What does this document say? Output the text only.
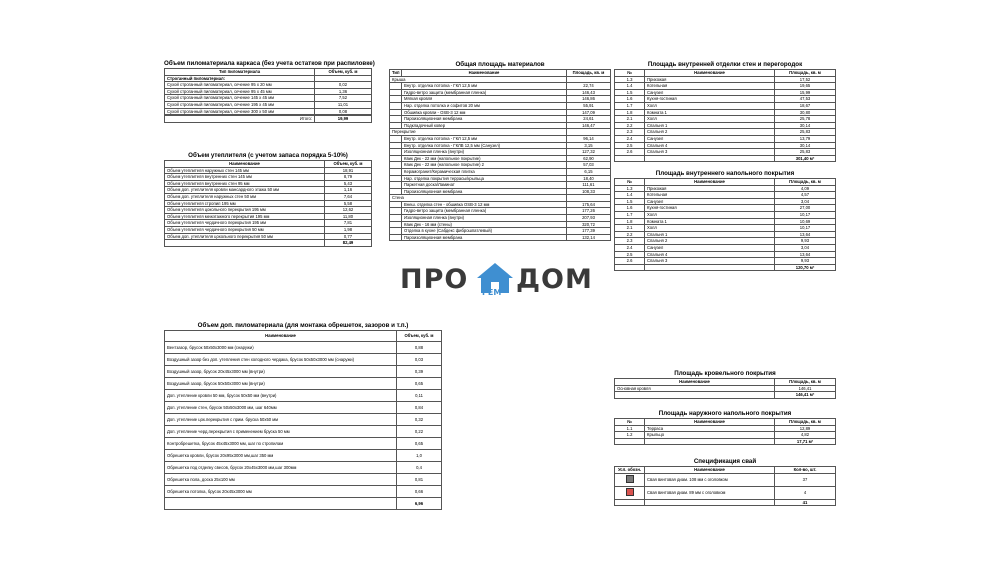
Объем пиломатериала каркаса (без учета остатков при распиловке)
Тип пиломатериала	Объем, куб. м
Строганный пиломатериал:	
Сухой строганный пиломатериал, сечение 95 х 20 мм	0,02
Сухой строганный пиломатериал, сечение 95 х 45 мм	1,36
Сухой строганный пиломатериал, сечение 145 х 45 мм	7,52
Сухой строганный пиломатериал, сечение 195 х 45 мм	11,01
Сухой строганный пиломатериал, сечение 300 х 50 мм	0,08

Итого:	19,99
Объем утеплителя (с учетом запаса порядка 5-10%)
Наименование	Объем, куб. м
Объем утеплителя наружных стен 145 мм	18,91
Объем утеплителя внутренних стен 145 мм	8,79
Объем утеплителя внутренних стен 95 мм	5,43
Объем доп. утеплителя кровли мансардного этажа 50 мм	1,16
Объем доп. утеплителя наружных стен 50 мм	7,64
Объем утеплителя стропил 195 мм	5,58
Объем утеплителя цокольного перекрытия 195 мм	12,62
Объем утеплителя межэтажного перекрытия 195 мм	11,80
Объем утеплителя чердачного перекрытия 195 мм	7,81
Объем утеплителя чердачного перекрытия 50 мм	1,98
Объем доп. утеплителя цокольного перекрытия 50 мм	0,77
	82,49
Общая площадь материалов
Тип	Наименование	Площадь, кв. м
Крыша		
	Внутр. отделка потолка - ГКЛ 12,5 мм	22,74
	Гидро-ветро защита (мембранная пленка)	146,43
	Мягкая кровля	146,86
	Нар. отделка потолка и софитов 20 мм	55,91
	Обшивка кровли - OSB-3 12 мм	147,09
	Пароизоляционная мембрана	24,61
	Подкладочный ковер	146,47
Перекрытие		
	Внутр. отделка потолка - ГКЛ 12,5 мм	96,14
	Внутр. отделка потолка - ГКЛВ 12,5 мм (Санузел)	3,15
	Изоляционная пленка (внутри)	127,32
	Квик Дек - 22 мм (напольное покрытие)	62,90
	Квик Дек - 22 мм (напольное покрытие) 2	57,03
	Керамогранит/Керамическая плитка	6,15
	Нар. отделка покрытия террасы/крыльца	18,40
	Паркетная доска/Ламинат	111,61
	Пароизоляционная мембрана	108,33
Стена		
	Внеш. отделка стен - обшивка OSB-3 12 мм	175,64
	Гидро-ветро защита (мембранная пленка)	177,26
	Изоляционная пленка (внутри)	207,93
	Квик Дек - 16 мм (стены)	320,72
	Отделка в кухне (Сабдекс фиброшпатлевый)	177,39
	Пароизоляционная мембрана	132,14
Площадь внутренней отделки стен и перегородок
№	Наименование	Площадь, кв. м
1.3	Прихожая	17,52
1.4	Котельная	19,65
1.5	Санузел	15,99
1.6	Кухня-гостиная	47,53
1.7	Холл	18,67
1.8	Комната 1	30,80
2.1	Холл	25,78
2.2	Спальня 1	30,14
2.3	Спальня 2	25,83
2.4	Санузел	13,79
2.5	Спальня 4	30,14
2.6	Спальня 3	25,83
		301,40 м²
Площадь внутреннего напольного покрытия
№	Наименование	Площадь, кв. м
1.3	Прихожая	4,09
1.4	Котельная	4,57
1.5	Санузел	3,04
1.6	Кухня-гостиная	27,00
1.7	Холл	10,17
1.8	Комната 1	10,69
2.1	Холл	10,17
2.2	Спальня 1	13,64
2.3	Спальня 2	9,93
2.4	Санузел	3,04
2.5	Спальня 4	13,64
2.6	Спальня 3	9,93
		120,70 м²
ПРО РЕМ ДОМ
Объем доп. пиломатериала (для монтажа обрешеток, зазоров и т.п.)
Наименование	Объем, куб. м
Вентзазор, брусок 50х50х3000 мм (снаружи)	0,88
Воздушный зазор без доп. утепления стен холодного чердака, брусок 50х50х3000 мм (снаружи)	0,03
Воздушный зазор, брусок 20х45х3000 мм (внутри)	0,39
Воздушный зазор, брусок 50х50х3000 мм (внутри)	0,65
Доп. утепление кровли 50 мм, брусок 50х50 мм (внутри)	0,11
Доп. утепление стен, брусок 50х50х3000 мм, шаг 640мм	0,84
Доп. утепление цок.перекрытия с прим. бруска 50х50 мм	0,32
Доп. утепление черд.перекрытия с применением бруска 50 мм	0,22
Контробрешетка, брусок 45х45х3000 мм, шаг по стропилам	0,65
Обрешетка кровли, брусок 20х95х3000 мм,шаг 350 мм	1,0
Обрешетка под отделку свесов, брусок 20х45х3000 мм,шаг 300мм	0,4
Обрешетка пола, доска 25х100 мм	0,81
Обрешетка потолка, брусок 20х45х3000 мм	0,66
	6,96
Площадь кровельного покрытия
Наименование	Площадь, кв. м
Основная кровля	146,41
	146,41 м²
Площадь наружного напольного покрытия
№	Наименование	Площадь, кв. м
1.1	Терраса	12,89
1.2	Крыльцо	4,82
		17,71 м²
Спецификация свай
Усл. обозн.	Наименование	Кол-во, шт.
	Свая винтовая диам. 108 мм с оголовком	37
	Свая винтовая диам. 89 мм с оголовком	4
		41
